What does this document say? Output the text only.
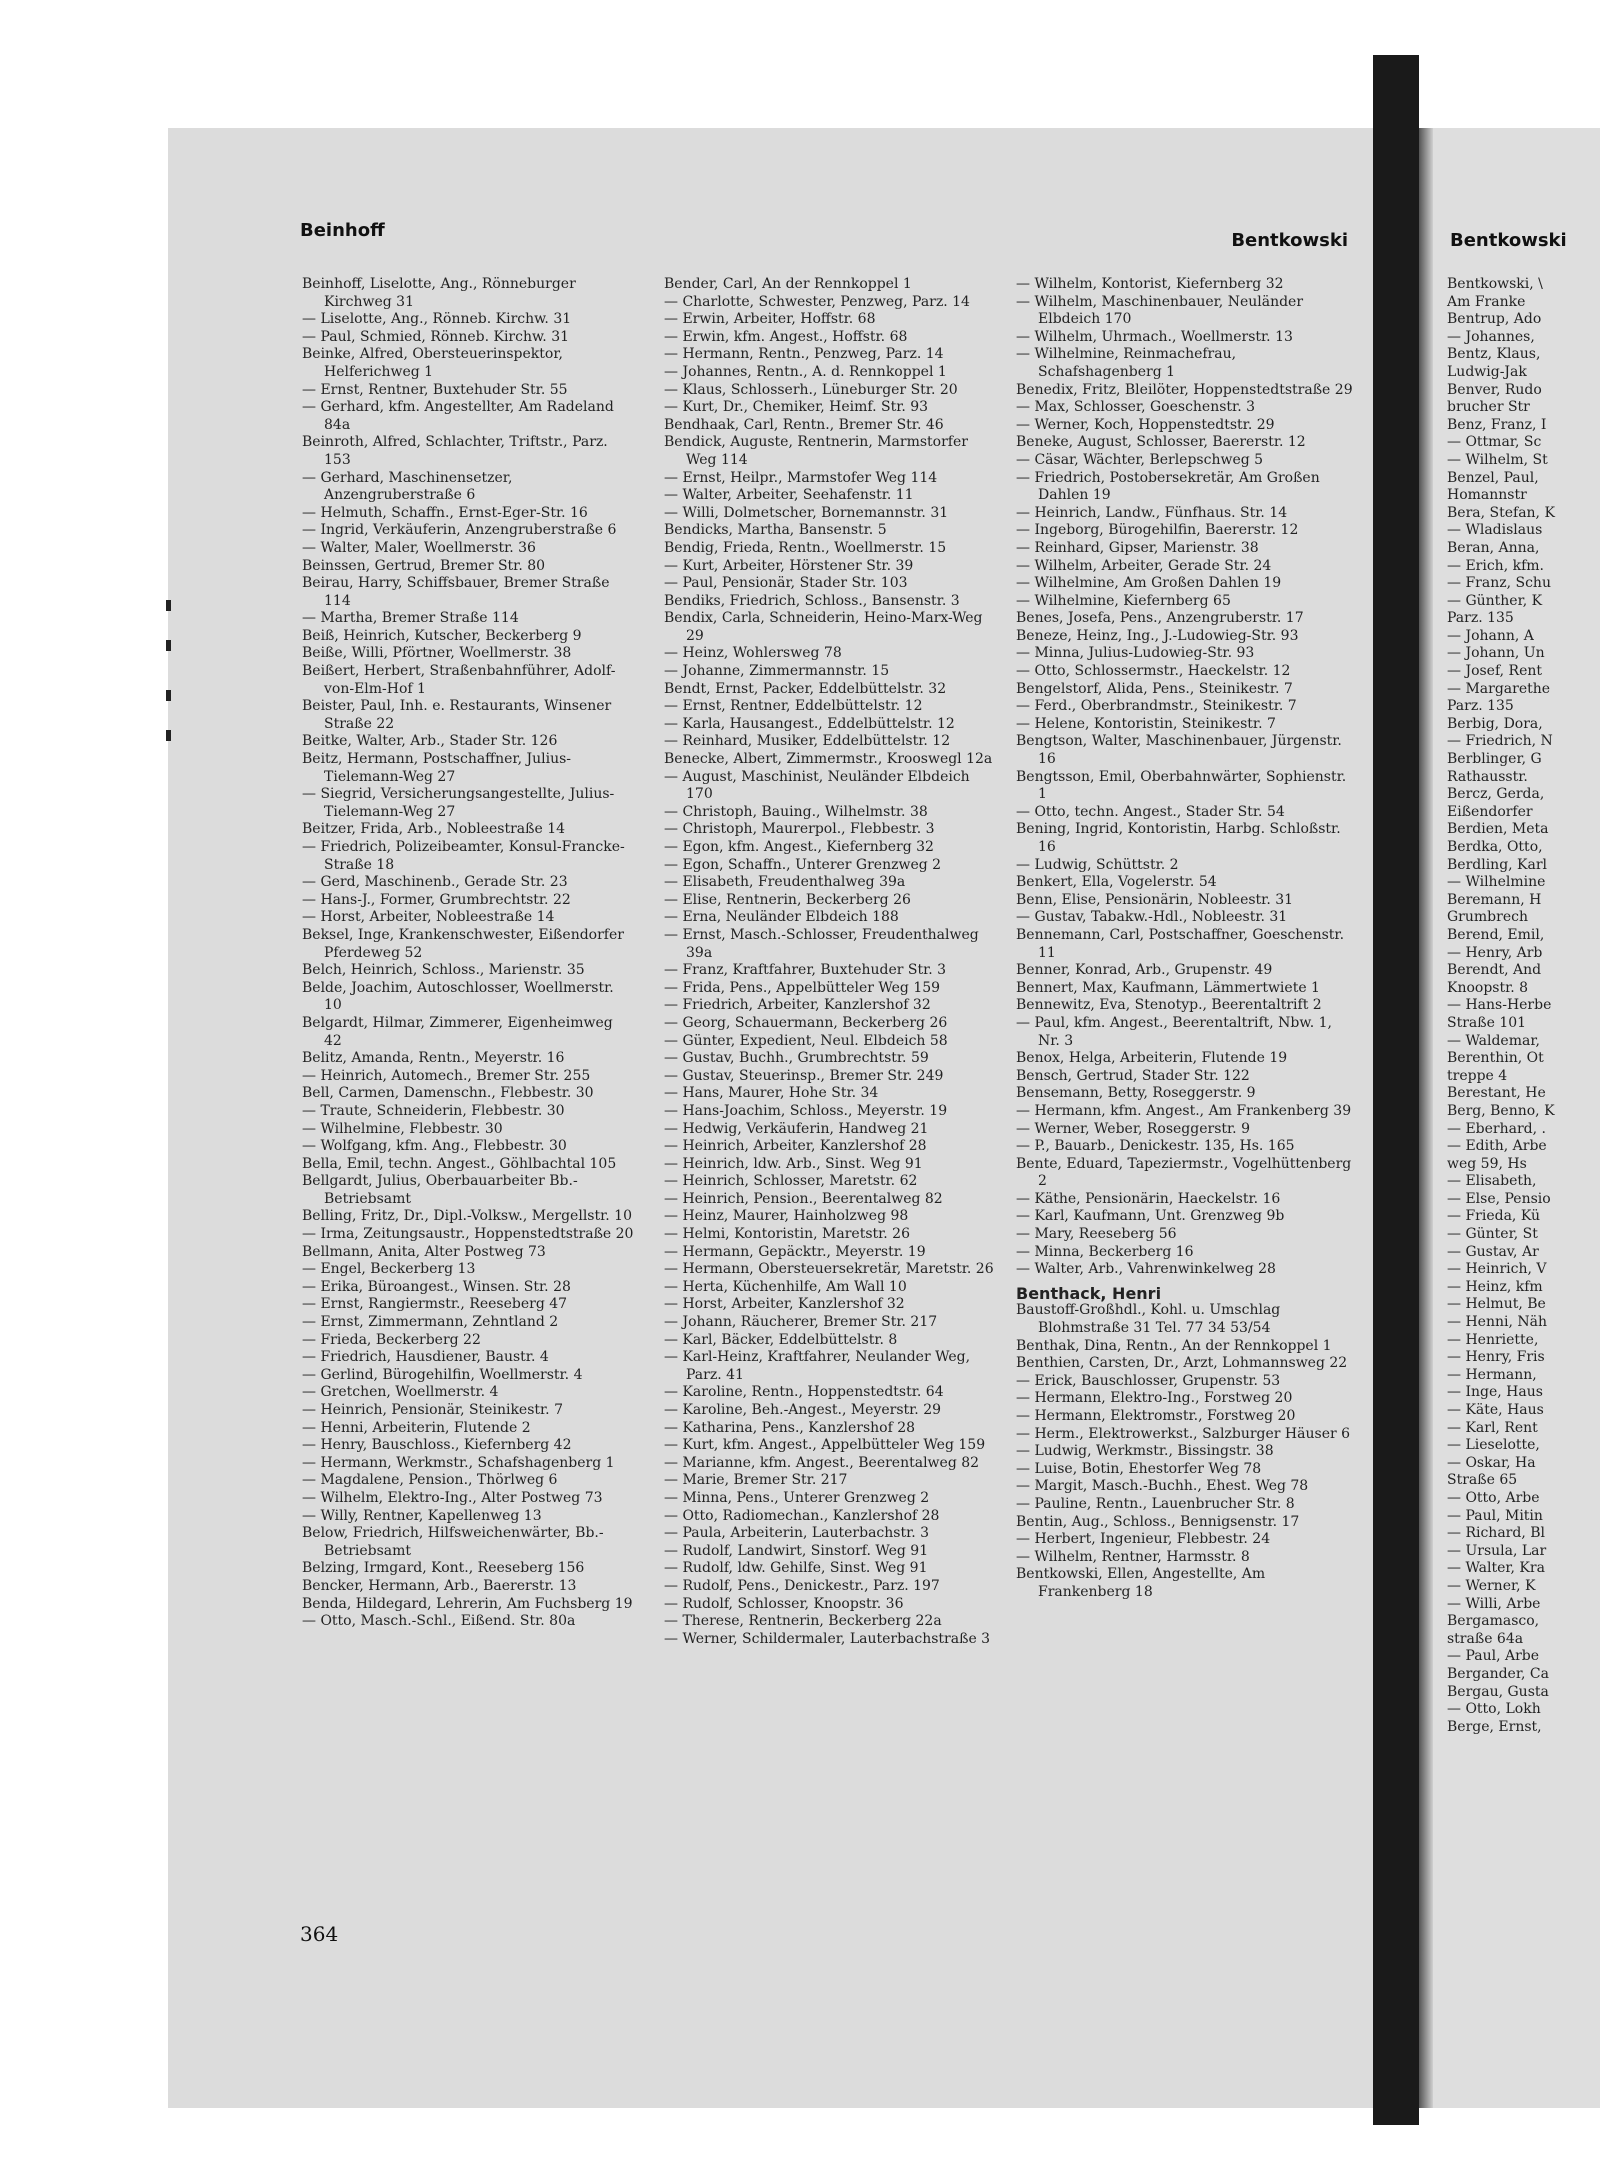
Beinhoff	Bentkowski	Bentkowski

Beinhoff, Liselotte, Ang., Rönneburger Kirchweg 31

— Liselotte, Ang., Rönneb. Kirchw. 31

— Paul, Schmied, Rönneb. Kirchw. 31

Beinke, Alfred, Obersteuerinspektor, Helferichweg 1

— Ernst, Rentner, Buxtehuder Str. 55

— Gerhard, kfm. Angestellter, Am Radeland 84a

Beinroth, Alfred, Schlachter, Triftstr., Parz. 153

— Gerhard, Maschinensetzer, Anzengruberstraße 6

— Helmuth, Schaffn., Ernst-Eger-Str. 16

— Ingrid, Verkäuferin, Anzengruberstraße 6

— Walter, Maler, Woellmerstr. 36

Beinssen, Gertrud, Bremer Str. 80

Beirau, Harry, Schiffsbauer, Bremer Straße 114

— Martha, Bremer Straße 114

Beiß, Heinrich, Kutscher, Beckerberg 9

Beiße, Willi, Pförtner, Woellmerstr. 38

Beißert, Herbert, Straßenbahnführer, Adolf-von-Elm-Hof 1

Beister, Paul, Inh. e. Restaurants, Winsener Straße 22

Beitke, Walter, Arb., Stader Str. 126

Beitz, Hermann, Postschaffner, Julius-Tielemann-Weg 27

— Siegrid, Versicherungsangestellte, Julius-Tielemann-Weg 27

Beitzer, Frida, Arb., Nobleestraße 14

— Friedrich, Polizeibeamter, Konsul-Francke-Straße 18

— Gerd, Maschinenb., Gerade Str. 23

— Hans-J., Former, Grumbrechtstr. 22

— Horst, Arbeiter, Nobleestraße 14

Beksel, Inge, Krankenschwester, Eißendorfer Pferdeweg 52

Belch, Heinrich, Schloss., Marienstr. 35

Belde, Joachim, Autoschlosser, Woellmerstr. 10

Belgardt, Hilmar, Zimmerer, Eigenheimweg 42

Belitz, Amanda, Rentn., Meyerstr. 16

— Heinrich, Automech., Bremer Str. 255

Bell, Carmen, Damenschn., Flebbestr. 30

— Traute, Schneiderin, Flebbestr. 30

— Wilhelmine, Flebbestr. 30

— Wolfgang, kfm. Ang., Flebbestr. 30

Bella, Emil, techn. Angest., Göhlbachtal 105

Bellgardt, Julius, Oberbauarbeiter Bb.-Betriebsamt

Belling, Fritz, Dr., Dipl.-Volksw., Mergellstr. 10

— Irma, Zeitungsaustr., Hoppenstedtstraße 20

Bellmann, Anita, Alter Postweg 73

— Engel, Beckerberg 13

— Erika, Büroangest., Winsen. Str. 28

— Ernst, Rangiermstr., Reeseberg 47

— Ernst, Zimmermann, Zehntland 2

— Frieda, Beckerberg 22

— Friedrich, Hausdiener, Baustr. 4

— Gerlind, Bürogehilfin, Woellmerstr. 4

— Gretchen, Woellmerstr. 4

— Heinrich, Pensionär, Steinikestr. 7

— Henni, Arbeiterin, Flutende 2

— Henry, Bauschloss., Kiefernberg 42

— Hermann, Werkmstr., Schafshagenberg 1

— Magdalene, Pension., Thörlweg 6

— Wilhelm, Elektro-Ing., Alter Postweg 73

— Willy, Rentner, Kapellenweg 13

Below, Friedrich, Hilfsweichenwärter, Bb.-Betriebsamt

Belzing, Irmgard, Kont., Reeseberg 156

Bencker, Hermann, Arb., Baererstr. 13

Benda, Hildegard, Lehrerin, Am Fuchsberg 19

— Otto, Masch.-Schl., Eißend. Str. 80a

Bender, Carl, An der Rennkoppel 1

— Charlotte, Schwester, Penzweg, Parz. 14

— Erwin, Arbeiter, Hoffstr. 68

— Erwin, kfm. Angest., Hoffstr. 68

— Hermann, Rentn., Penzweg, Parz. 14

— Johannes, Rentn., A. d. Rennkoppel 1

— Klaus, Schlosserh., Lüneburger Str. 20

— Kurt, Dr., Chemiker, Heimf. Str. 93

Bendhaak, Carl, Rentn., Bremer Str. 46

Bendick, Auguste, Rentnerin, Marmstorfer Weg 114

— Ernst, Heilpr., Marmstofer Weg 114

— Walter, Arbeiter, Seehafenstr. 11

— Willi, Dolmetscher, Bornemannstr. 31

Bendicks, Martha, Bansenstr. 5

Bendig, Frieda, Rentn., Woellmerstr. 15

— Kurt, Arbeiter, Hörstener Str. 39

— Paul, Pensionär, Stader Str. 103

Bendiks, Friedrich, Schloss., Bansenstr. 3

Bendix, Carla, Schneiderin, Heino-Marx-Weg 29

— Heinz, Wohlersweg 78

— Johanne, Zimmermannstr. 15

Bendt, Ernst, Packer, Eddelbüttelstr. 32

— Ernst, Rentner, Eddelbüttelstr. 12

— Karla, Hausangest., Eddelbüttelstr. 12

— Reinhard, Musiker, Eddelbüttelstr. 12

Benecke, Albert, Zimmermstr., Krooswegl 12a

— August, Maschinist, Neuländer Elbdeich 170

— Christoph, Bauing., Wilhelmstr. 38

— Christoph, Maurerpol., Flebbestr. 3

— Egon, kfm. Angest., Kiefernberg 32

— Egon, Schaffn., Unterer Grenzweg 2

— Elisabeth, Freudenthalweg 39a

— Elise, Rentnerin, Beckerberg 26

— Erna, Neuländer Elbdeich 188

— Ernst, Masch.-Schlosser, Freudenthalweg 39a

— Franz, Kraftfahrer, Buxtehuder Str. 3

— Frida, Pens., Appelbütteler Weg 159

— Friedrich, Arbeiter, Kanzlershof 32

— Georg, Schauermann, Beckerberg 26

— Günter, Expedient, Neul. Elbdeich 58

— Gustav, Buchh., Grumbrechtstr. 59

— Gustav, Steuerinsp., Bremer Str. 249

— Hans, Maurer, Hohe Str. 34

— Hans-Joachim, Schloss., Meyerstr. 19

— Hedwig, Verkäuferin, Handweg 21

— Heinrich, Arbeiter, Kanzlershof 28

— Heinrich, ldw. Arb., Sinst. Weg 91

— Heinrich, Schlosser, Maretstr. 62

— Heinrich, Pension., Beerentalweg 82

— Heinz, Maurer, Hainholzweg 98

— Helmi, Kontoristin, Maretstr. 26

— Hermann, Gepäcktr., Meyerstr. 19

— Hermann, Obersteuersekretär, Maretstr. 26

— Herta, Küchenhilfe, Am Wall 10

— Horst, Arbeiter, Kanzlershof 32

— Johann, Räucherer, Bremer Str. 217

— Karl, Bäcker, Eddelbüttelstr. 8

— Karl-Heinz, Kraftfahrer, Neulander Weg, Parz. 41

— Karoline, Rentn., Hoppenstedtstr. 64

— Karoline, Beh.-Angest., Meyerstr. 29

— Katharina, Pens., Kanzlershof 28

— Kurt, kfm. Angest., Appelbütteler Weg 159

— Marianne, kfm. Angest., Beerentalweg 82

— Marie, Bremer Str. 217

— Minna, Pens., Unterer Grenzweg 2

— Otto, Radiomechan., Kanzlershof 28

— Paula, Arbeiterin, Lauterbachstr. 3

— Rudolf, Landwirt, Sinstorf. Weg 91

— Rudolf, ldw. Gehilfe, Sinst. Weg 91

— Rudolf, Pens., Denickestr., Parz. 197

— Rudolf, Schlosser, Knoopstr. 36

— Therese, Rentnerin, Beckerberg 22a

— Werner, Schildermaler, Lauterbachstraße 3

— Wilhelm, Kontorist, Kiefernberg 32

— Wilhelm, Maschinenbauer, Neuländer Elbdeich 170

— Wilhelm, Uhrmach., Woellmerstr. 13

— Wilhelmine, Reinmachefrau, Schafshagenberg 1

Benedix, Fritz, Bleilöter, Hoppenstedtstraße 29

— Max, Schlosser, Goeschenstr. 3

— Werner, Koch, Hoppenstedtstr. 29

Beneke, August, Schlosser, Baererstr. 12

— Cäsar, Wächter, Berlepschweg 5

— Friedrich, Postobersekretär, Am Großen Dahlen 19

— Heinrich, Landw., Fünfhaus. Str. 14

— Ingeborg, Bürogehilfin, Baererstr. 12

— Reinhard, Gipser, Marienstr. 38

— Wilhelm, Arbeiter, Gerade Str. 24

— Wilhelmine, Am Großen Dahlen 19

— Wilhelmine, Kiefernberg 65

Benes, Josefa, Pens., Anzengruberstr. 17

Beneze, Heinz, Ing., J.-Ludowieg-Str. 93

— Minna, Julius-Ludowieg-Str. 93

— Otto, Schlossermstr., Haeckelstr. 12

Bengelstorf, Alida, Pens., Steinikestr. 7

— Ferd., Oberbrandmstr., Steinikestr. 7

— Helene, Kontoristin, Steinikestr. 7

Bengtson, Walter, Maschinenbauer, Jürgenstr. 16

Bengtsson, Emil, Oberbahnwärter, Sophienstr. 1

— Otto, techn. Angest., Stader Str. 54

Bening, Ingrid, Kontoristin, Harbg. Schloßstr. 16

— Ludwig, Schüttstr. 2

Benkert, Ella, Vogelerstr. 54

Benn, Elise, Pensionärin, Nobleestr. 31

— Gustav, Tabakw.-Hdl., Nobleestr. 31

Bennemann, Carl, Postschaffner, Goeschenstr. 11

Benner, Konrad, Arb., Grupenstr. 49

Bennert, Max, Kaufmann, Lämmertwiete 1

Bennewitz, Eva, Stenotyp., Beerentaltrift 2

— Paul, kfm. Angest., Beerentaltrift, Nbw. 1, Nr. 3

Benox, Helga, Arbeiterin, Flutende 19

Bensch, Gertrud, Stader Str. 122

Bensemann, Betty, Roseggerstr. 9

— Hermann, kfm. Angest., Am Frankenberg 39

— Werner, Weber, Roseggerstr. 9

— P., Bauarb., Denickestr. 135, Hs. 165

Bente, Eduard, Tapeziermstr., Vogelhüttenberg 2

— Käthe, Pensionärin, Haeckelstr. 16

— Karl, Kaufmann, Unt. Grenzweg 9b

— Mary, Reeseberg 56

— Minna, Beckerberg 16

— Walter, Arb., Vahrenwinkelweg 28

Benthack, Henri

Baustoff-Großhdl., Kohl. u. Umschlag Blohmstraße 31 Tel. 77 34 53/54

Benthak, Dina, Rentn., An der Rennkoppel 1

Benthien, Carsten, Dr., Arzt, Lohmannsweg 22

— Erick, Bauschlosser, Grupenstr. 53

— Hermann, Elektro-Ing., Forstweg 20

— Hermann, Elektromstr., Forstweg 20

— Herm., Elektrowerkst., Salzburger Häuser 6

— Ludwig, Werkmstr., Bissingstr. 38

— Luise, Botin, Ehestorfer Weg 78

— Margit, Masch.-Buchh., Ehest. Weg 78

— Pauline, Rentn., Lauenbrucher Str. 8

Bentin, Aug., Schloss., Bennigsenstr. 17

— Herbert, Ingenieur, Flebbestr. 24

— Wilhelm, Rentner, Harmsstr. 8

Bentkowski, Ellen, Angestellte, Am Frankenberg 18

Bentkowski, \

Am Franke

Bentrup, Ado

— Johannes,

Bentz, Klaus,

Ludwig-Jak

Benver, Rudo

brucher Str

Benz, Franz, I

— Ottmar, Sc

— Wilhelm, St

Benzel, Paul,

Homannstr

Bera, Stefan, K

— Wladislaus

Beran, Anna,

— Erich, kfm.

— Franz, Schu

— Günther, K

Parz. 135

— Johann, A

— Johann, Un

— Josef, Rent

— Margarethe

Parz. 135

Berbig, Dora,

— Friedrich, N

Berblinger, G

Rathausstr.

Bercz, Gerda,

Eißendorfer

Berdien, Meta

Berdka, Otto,

Berdling, Karl

— Wilhelmine

Beremann, H

Grumbrech

Berend, Emil,

— Henry, Arb

Berendt, And

Knoopstr. 8

— Hans-Herbe

Straße 101

— Waldemar,

Berenthin, Ot

treppe 4

Berestant, He

Berg, Benno, K

— Eberhard, .

— Edith, Arbe

weg 59, Hs

— Elisabeth,

— Else, Pensio

— Frieda, Kü

— Günter, St

— Gustav, Ar

— Heinrich, V

— Heinz, kfm

— Helmut, Be

— Henni, Näh

— Henriette,

— Henry, Fris

— Hermann,

— Inge, Haus

— Käte, Haus

— Karl, Rent

— Lieselotte,

— Oskar, Ha

Straße 65

— Otto, Arbe

— Paul, Mitin

— Richard, Bl

— Ursula, Lar

— Walter, Kra

— Werner, K

— Willi, Arbe

Bergamasco,

straße 64a

— Paul, Arbe

Bergander, Ca

Bergau, Gusta

— Otto, Lokh

Berge, Ernst,

364
